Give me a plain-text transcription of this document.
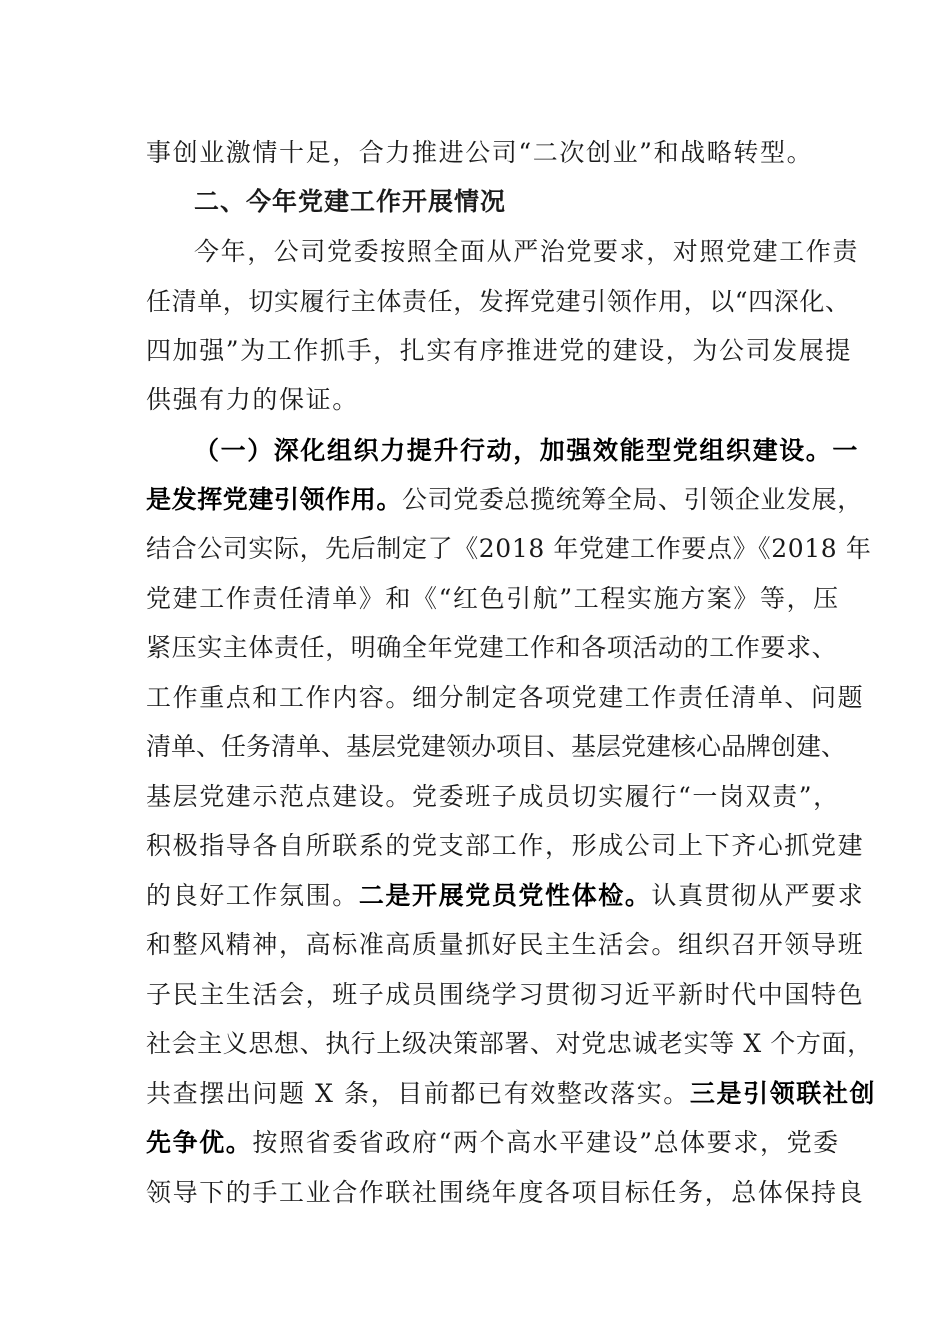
事创业激情十足，合力推进公司“二次创业”和战略转型。
二、今年党建工作开展情况
今年，公司党委按照全面从严治党要求，对照党建工作责
任清单，切实履行主体责任，发挥党建引领作用，以“四深化、
四加强”为工作抓手，扎实有序推进党的建设，为公司发展提
供强有力的保证。
（一）深化组织力提升行动，加强效能型党组织建设。一
是发挥党建引领作用。公司党委总揽统筹全局、引领企业发展，
结合公司实际，先后制定了《2018 年党建工作要点》《2018 年
党建工作责任清单》和《“红色引航”工程实施方案》等，压
紧压实主体责任，明确全年党建工作和各项活动的工作要求、
工作重点和工作内容。细分制定各项党建工作责任清单、问题
清单、任务清单、基层党建领办项目、基层党建核心品牌创建、
基层党建示范点建设。党委班子成员切实履行“一岗双责”，
积极指导各自所联系的党支部工作，形成公司上下齐心抓党建
的良好工作氛围。二是开展党员党性体检。认真贯彻从严要求
和整风精神，高标准高质量抓好民主生活会。组织召开领导班
子民主生活会，班子成员围绕学习贯彻习近平新时代中国特色
社会主义思想、执行上级决策部署、对党忠诚老实等 X 个方面，
共查摆出问题 X 条，目前都已有效整改落实。三是引领联社创
先争优。按照省委省政府“两个高水平建设”总体要求，党委
领导下的手工业合作联社围绕年度各项目标任务，总体保持良
